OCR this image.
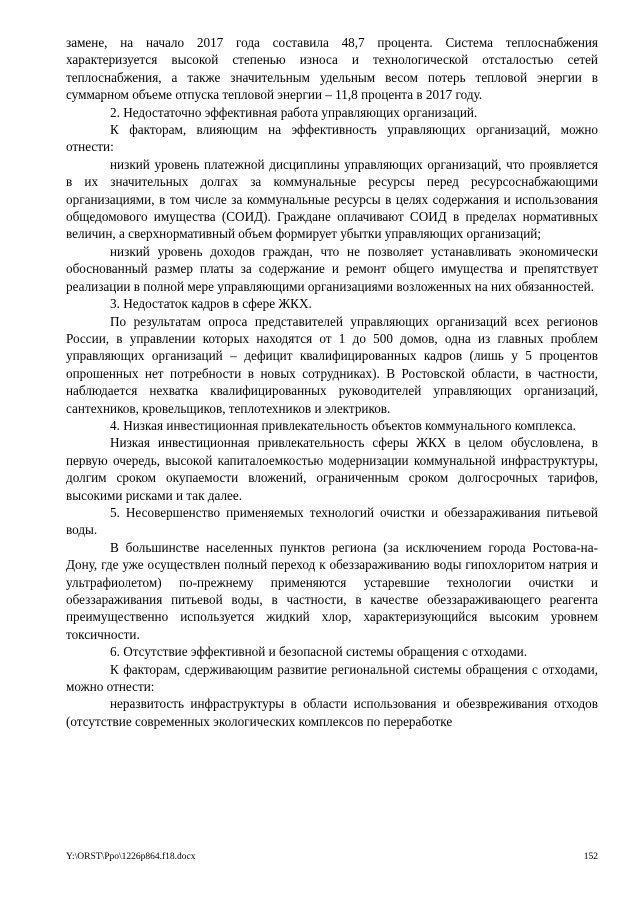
замене, на начало 2017 года составила 48,7 процента. Система теплоснабжения характеризуется высокой степенью износа и технологической отсталостью сетей теплоснабжения, а также значительным удельным весом потерь тепловой энергии в суммарном объеме отпуска тепловой энергии – 11,8 процента в 2017 году.

2. Недостаточно эффективная работа управляющих организаций.

К факторам, влияющим на эффективность управляющих организаций, можно отнести:

низкий уровень платежной дисциплины управляющих организаций, что проявляется в их значительных долгах за коммунальные ресурсы перед ресурсоснабжающими организациями, в том числе за коммунальные ресурсы в целях содержания и использования общедомового имущества (СОИД). Граждане оплачивают СОИД в пределах нормативных величин, а сверхнормативный объем формирует убытки управляющих организаций;

низкий уровень доходов граждан, что не позволяет устанавливать экономически обоснованный размер платы за содержание и ремонт общего имущества и препятствует реализации в полной мере управляющими организациями возложенных на них обязанностей.

3. Недостаток кадров в сфере ЖКХ.

По результатам опроса представителей управляющих организаций всех регионов России, в управлении которых находятся от 1 до 500 домов, одна из главных проблем управляющих организаций – дефицит квалифицированных кадров (лишь у 5 процентов опрошенных нет потребности в новых сотрудниках). В Ростовской области, в частности, наблюдается нехватка квалифицированных руководителей управляющих организаций, сантехников, кровельщиков, теплотехников и электриков.

4. Низкая инвестиционная привлекательность объектов коммунального комплекса.

Низкая инвестиционная привлекательность сферы ЖКХ в целом обусловлена, в первую очередь, высокой капиталоемкостью модернизации коммунальной инфраструктуры, долгим сроком окупаемости вложений, ограниченным сроком долгосрочных тарифов, высокими рисками и так далее.

5. Несовершенство применяемых технологий очистки и обеззараживания питьевой воды.

В большинстве населенных пунктов региона (за исключением города Ростова-на-Дону, где уже осуществлен полный переход к обеззараживанию воды гипохлоритом натрия и ультрафиолетом) по-прежнему применяются устаревшие технологии очистки и обеззараживания питьевой воды, в частности, в качестве обеззараживающего реагента преимущественно используется жидкий хлор, характеризующийся высоким уровнем токсичности.

6. Отсутствие эффективной и безопасной системы обращения с отходами.

К факторам, сдерживающим развитие региональной системы обращения с отходами, можно отнести:

неразвитость инфраструктуры в области использования и обезвреживания отходов (отсутствие современных экологических комплексов по переработке

Y:\ORST\Ppo\1226p864.f18.docx	152
